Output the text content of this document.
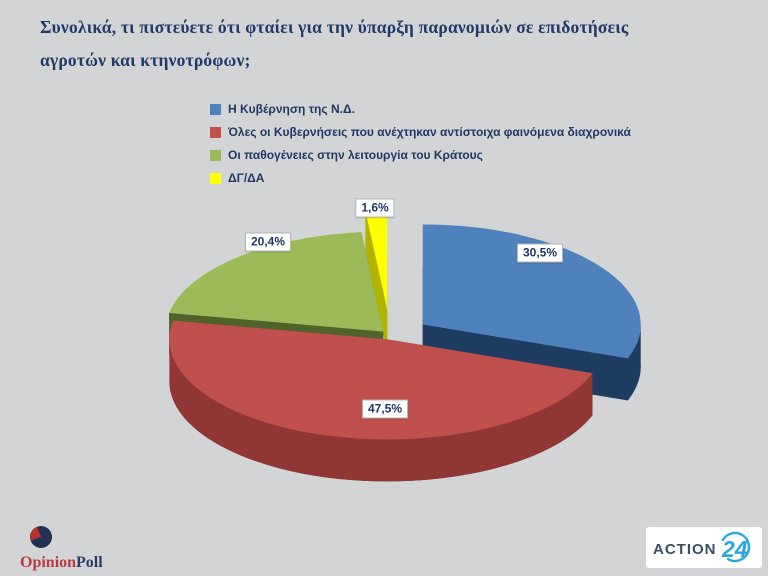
Συνολικά, τι πιστεύετε ότι φταίει για την ύπαρξη παρανομιών σε επιδοτήσεις
αγροτών και κτηνοτρόφων;
Η Κυβέρνηση της Ν.Δ.
Όλες οι Κυβερνήσεις που ανέχτηκαν αντίστοιχα φαινόμενα διαχρονικά
Οι παθογένειες στην λειτουργία του Κράτους
ΔΓ/ΔΑ
30,5%
47,5%
20,4%
1,6%
OpinionPoll
ACTION 24
